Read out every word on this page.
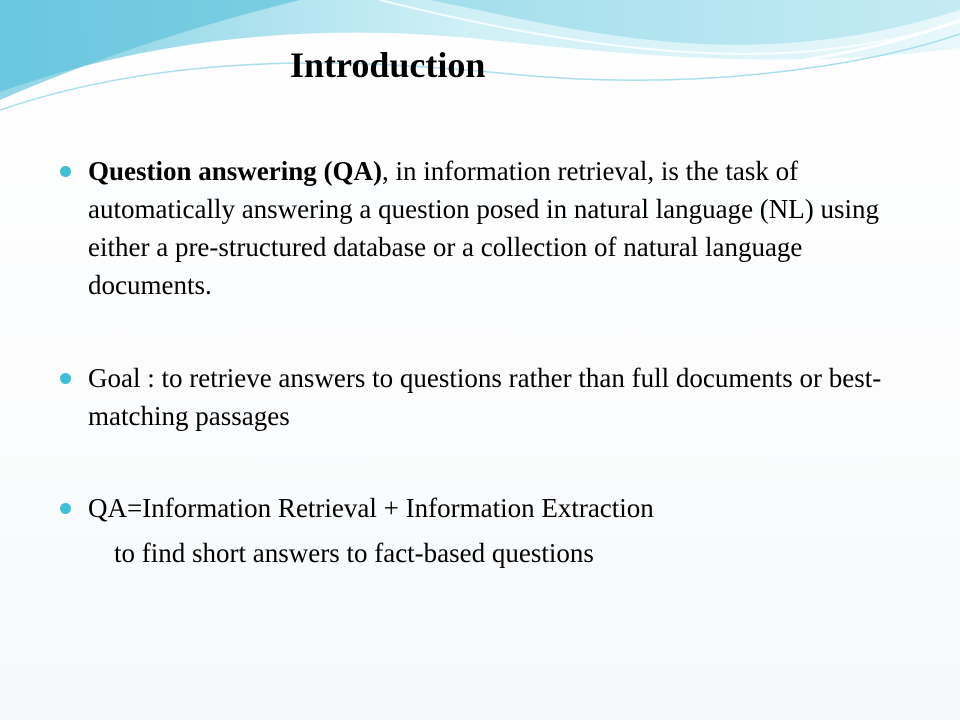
Introduction

Question answering (QA), in information retrieval, is the task of automatically answering a question posed in natural language (NL) using either a pre-structured database or a collection of natural language documents.

Goal : to retrieve answers to questions rather than full documents or best-matching passages

QA=Information Retrieval + Information Extraction

to find short answers to fact-based questions
